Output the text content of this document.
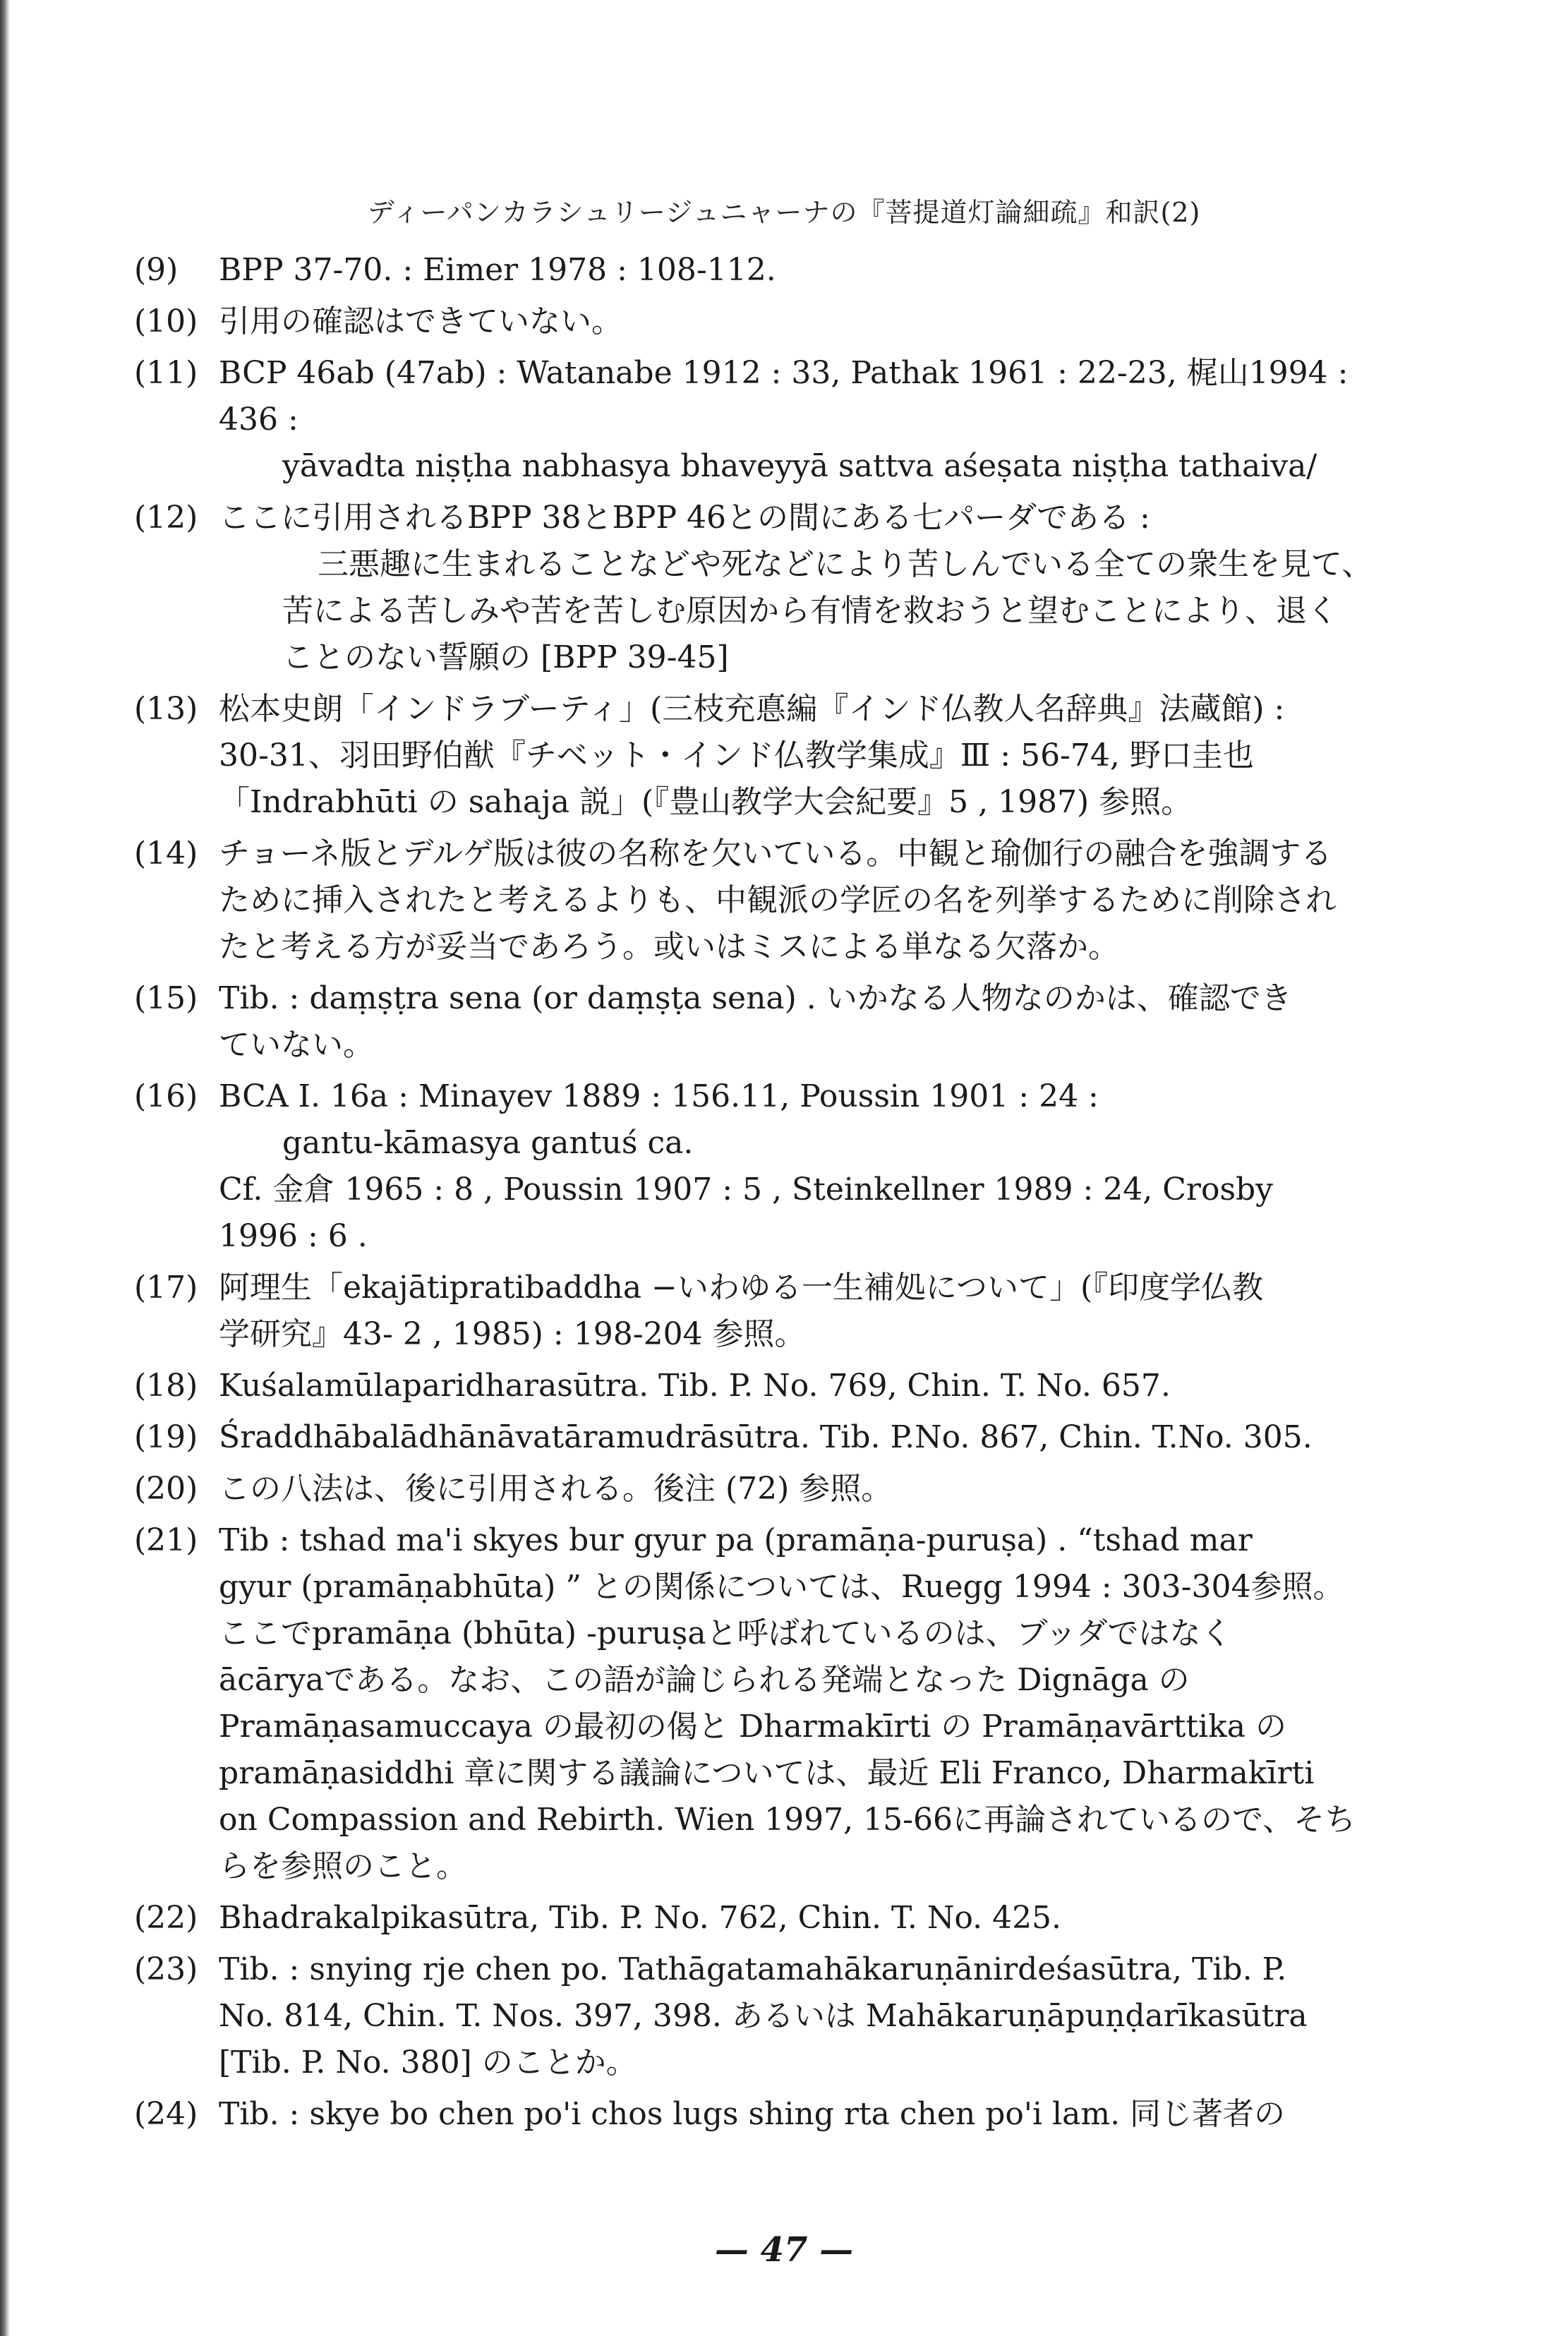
ディーパンカラシュリージュニャーナの『菩提道灯論細疏』和訳(2)
(9)	BPP 37-70. : Eimer 1978 : 108-112.
(10) 引用の確認はできていない。
(11) BCP 46ab (47ab) : Watanabe 1912 : 33, Pathak 1961 : 22-23, 梶山1994 : 436 :
yāvadta niṣṭha nabhasya bhaveyyā sattva aśeṣata niṣṭha tathaiva/
(12) ここに引用されるBPP 38とBPP 46との間にある七パーダである :
三悪趣に生まれることなどや死などにより苦しんでいる全ての衆生を見て、
苦による苦しみや苦を苦しむ原因から有情を救おうと望むことにより、退く
ことのない誓願の [BPP 39-45]
(13) 松本史朗「インドラブーティ」(三枝充悳編『インド仏教人名辞典』法蔵館) :
30-31、羽田野伯猷『チベット・インド仏教学集成』Ⅲ : 56-74, 野口圭也
「Indrabhūti の sahaja 説」(『豊山教学大会紀要』5 , 1987) 参照。
(14) チョーネ版とデルゲ版は彼の名称を欠いている。中観と瑜伽行の融合を強調する
ために挿入されたと考えるよりも、中観派の学匠の名を列挙するために削除され
たと考える方が妥当であろう。或いはミスによる単なる欠落か。
(15) Tib. : daṃṣṭra sena (or daṃṣṭa sena) . いかなる人物なのかは、確認でき
ていない。
(16) BCA I. 16a : Minayev 1889 : 156.11, Poussin 1901 : 24 :
gantu-kāmasya gantuś ca.
Cf. 金倉 1965 : 8 , Poussin 1907 : 5 , Steinkellner 1989 : 24, Crosby
1996 : 6 .
(17) 阿理生「ekajātipratibaddha −いわゆる一生補処について」(『印度学仏教
学研究』43- 2 , 1985) : 198-204 参照。
(18) Kuśalamūlaparidharasūtra. Tib. P. No. 769, Chin. T. No. 657.
(19) Śraddhābalādhānāvatāramudrāsūtra. Tib. P.No. 867, Chin. T.No. 305.
(20) この八法は、後に引用される。後注 (72) 参照。
(21) Tib : tshad ma'i skyes bur gyur pa (pramāṇa-puruṣa) . “tshad mar
gyur (pramāṇabhūta) ” との関係については、Ruegg 1994 : 303-304参照。
ここでpramāṇa (bhūta) -puruṣaと呼ばれているのは、ブッダではなく
ācāryaである。なお、この語が論じられる発端となった Dignāga の
Pramāṇasamuccaya の最初の偈と Dharmakīrti の Pramāṇavārttika の
pramāṇasiddhi 章に関する議論については、最近 Eli Franco, Dharmakīrti
on Compassion and Rebirth. Wien 1997, 15-66に再論されているので、そち
らを参照のこと。
(22) Bhadrakalpikasūtra, Tib. P. No. 762, Chin. T. No. 425.
(23) Tib. : snying rje chen po. Tathāgatamahākaruṇānirdeśasūtra, Tib. P.
No. 814, Chin. T. Nos. 397, 398. あるいは Mahākaruṇāpuṇḍarīkasūtra
[Tib. P. No. 380] のことか。
(24) Tib. : skye bo chen po'i chos lugs shing rta chen po'i lam. 同じ著者の
— 47 —
